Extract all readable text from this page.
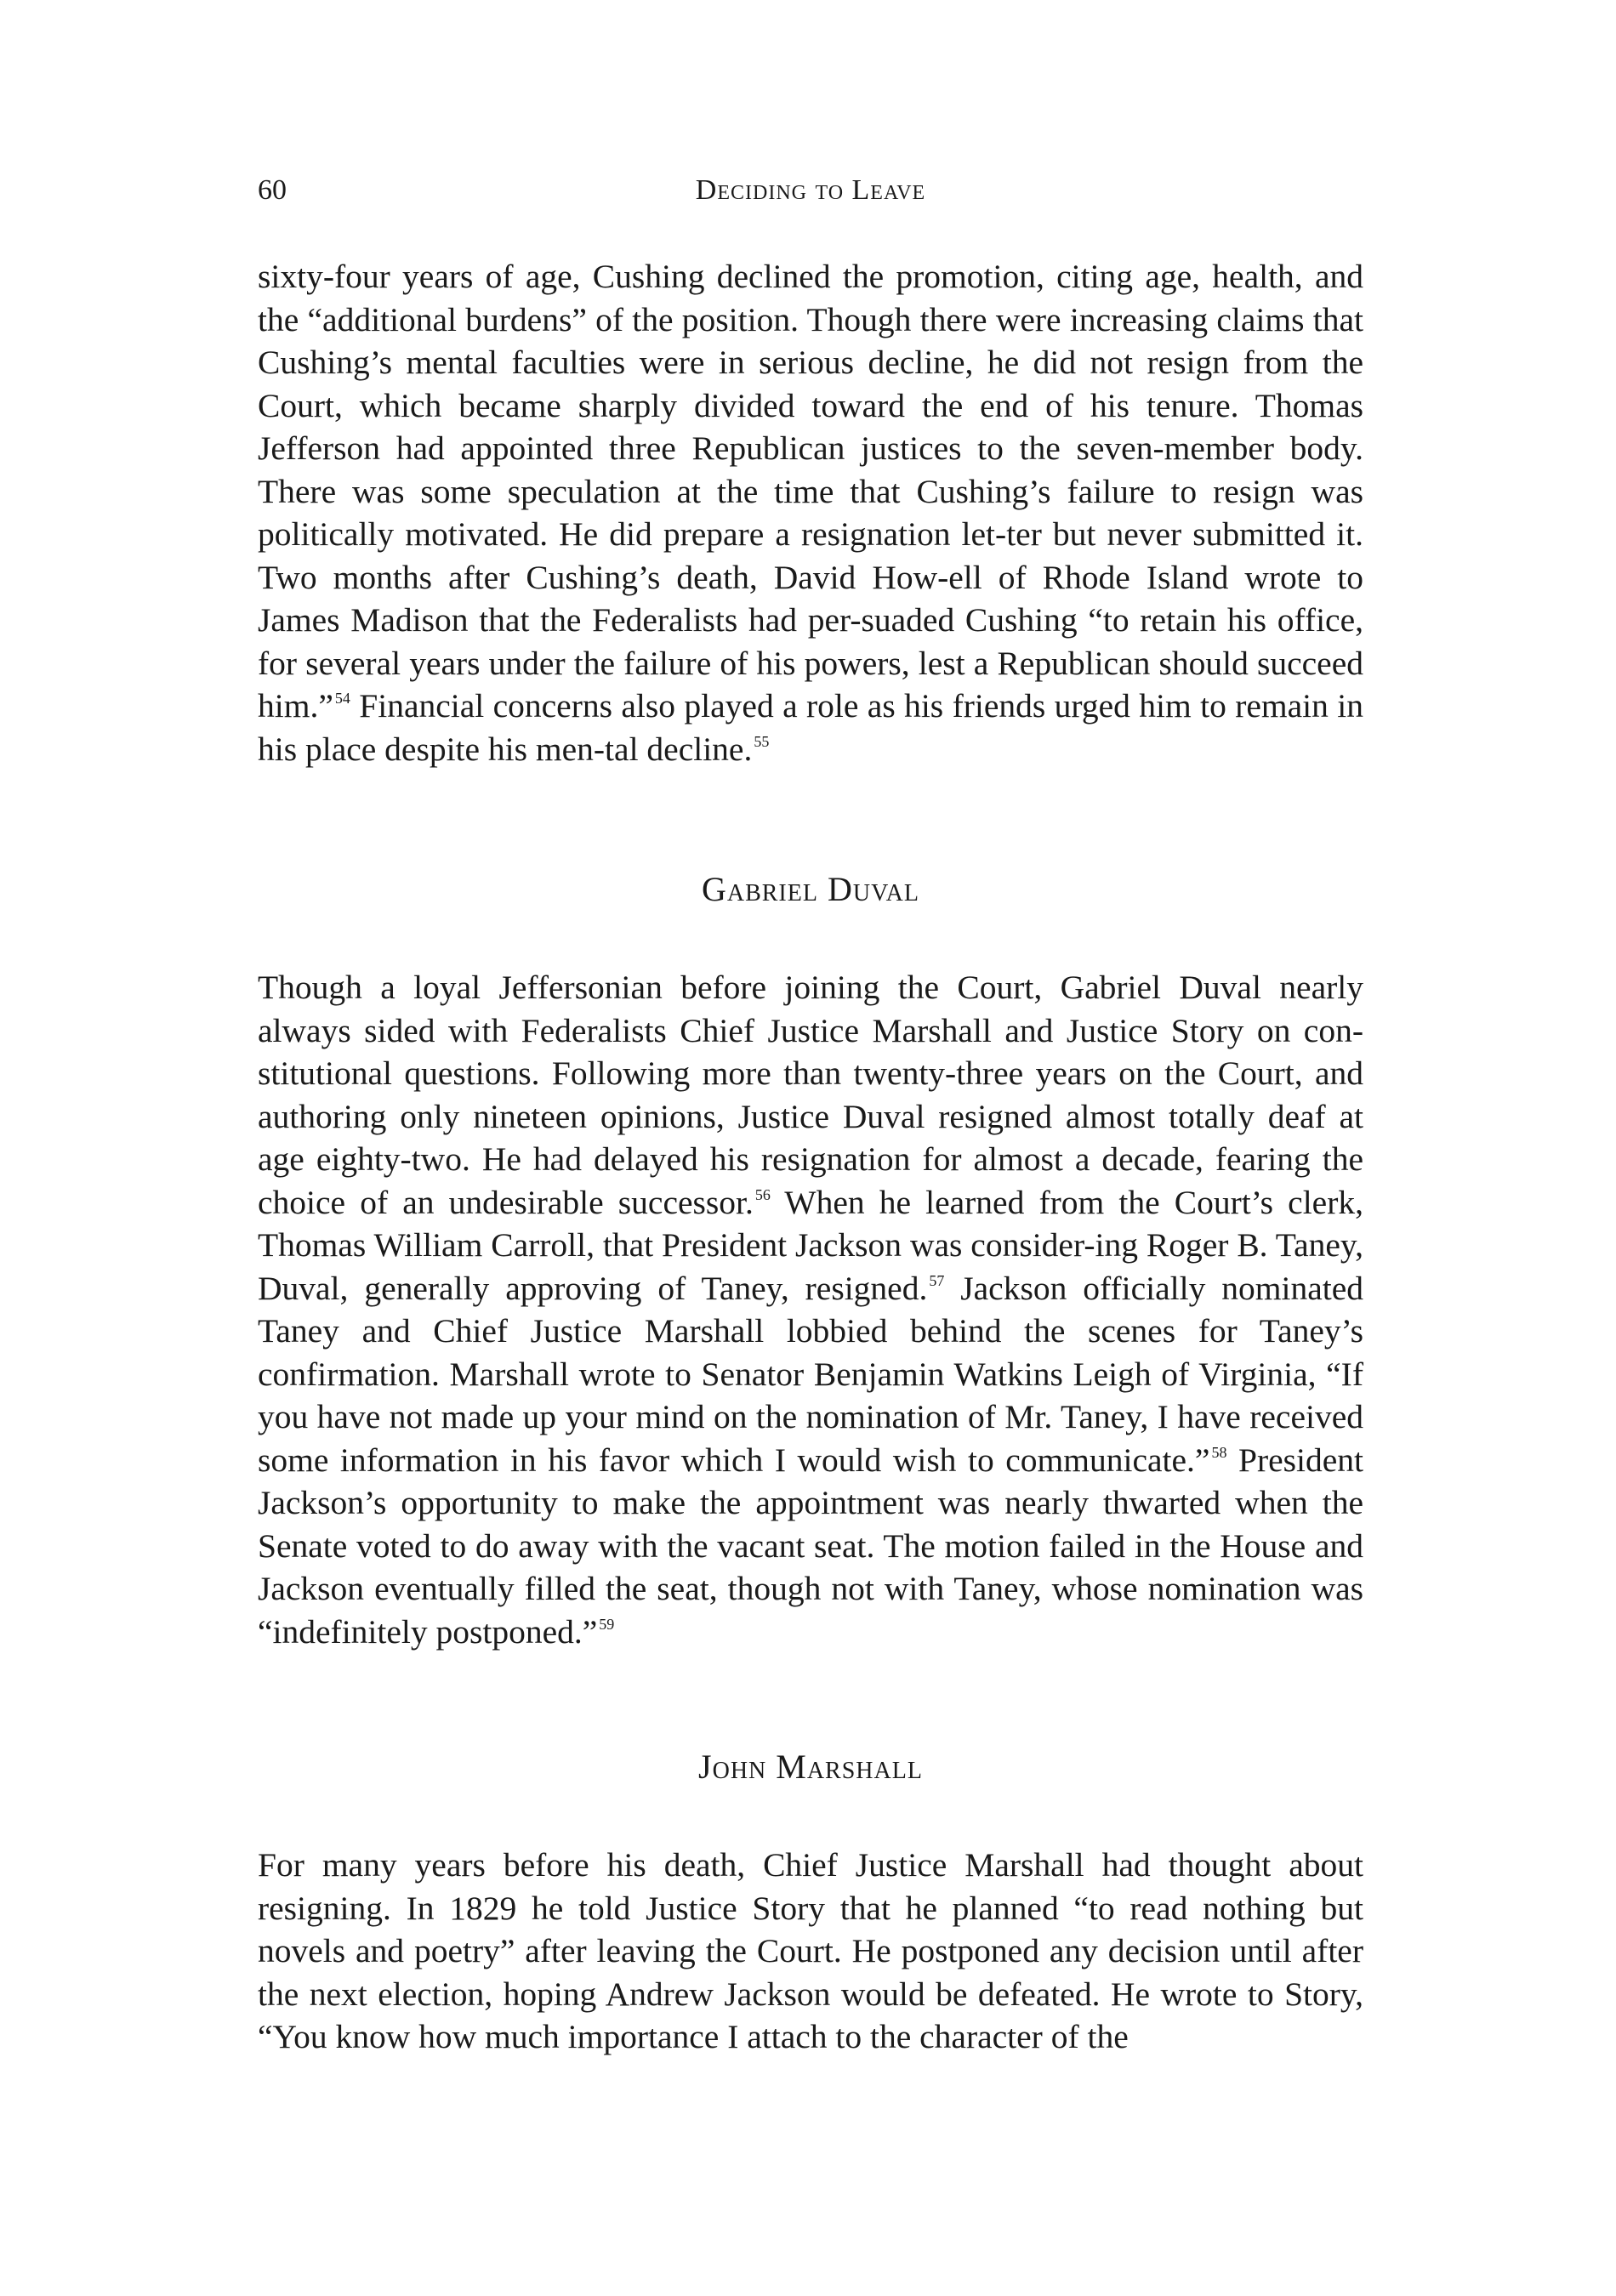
60	Deciding to Leave

sixty-four years of age, Cushing declined the promotion, citing age, health, and the “additional burdens” of the position. Though there were increasing claims that Cushing’s mental faculties were in serious decline, he did not resign from the Court, which became sharply divided toward the end of his tenure. Thomas Jefferson had appointed three Republican justices to the seven-member body. There was some speculation at the time that Cushing’s failure to resign was politically motivated. He did prepare a resignation let-ter but never submitted it. Two months after Cushing’s death, David How-ell of Rhode Island wrote to James Madison that the Federalists had per-suaded Cushing “to retain his office, for several years under the failure of his powers, lest a Republican should succeed him.” $^{54}$ Financial concerns also played a role as his friends urged him to remain in his place despite his men-tal decline. $^{55}$

Gabriel Duval

Though a loyal Jeffersonian before joining the Court, Gabriel Duval nearly always sided with Federalists Chief Justice Marshall and Justice Story on con-stitutional questions. Following more than twenty-three years on the Court, and authoring only nineteen opinions, Justice Duval resigned almost totally deaf at age eighty-two. He had delayed his resignation for almost a decade, fearing the choice of an undesirable successor. $^{56}$ When he learned from the Court’s clerk, Thomas William Carroll, that President Jackson was consider-ing Roger B. Taney, Duval, generally approving of Taney, resigned. $^{57}$ Jackson officially nominated Taney and Chief Justice Marshall lobbied behind the scenes for Taney’s confirmation. Marshall wrote to Senator Benjamin Watkins Leigh of Virginia, “If you have not made up your mind on the nomination of Mr. Taney, I have received some information in his favor which I would wish to communicate.” $^{58}$ President Jackson’s opportunity to make the appointment was nearly thwarted when the Senate voted to do away with the vacant seat. The motion failed in the House and Jackson eventually filled the seat, though not with Taney, whose nomination was “indefinitely postponed.” $^{59}$

John Marshall

For many years before his death, Chief Justice Marshall had thought about resigning. In 1829 he told Justice Story that he planned “to read nothing but novels and poetry” after leaving the Court. He postponed any decision until after the next election, hoping Andrew Jackson would be defeated. He wrote to Story, “You know how much importance I attach to the character of the
